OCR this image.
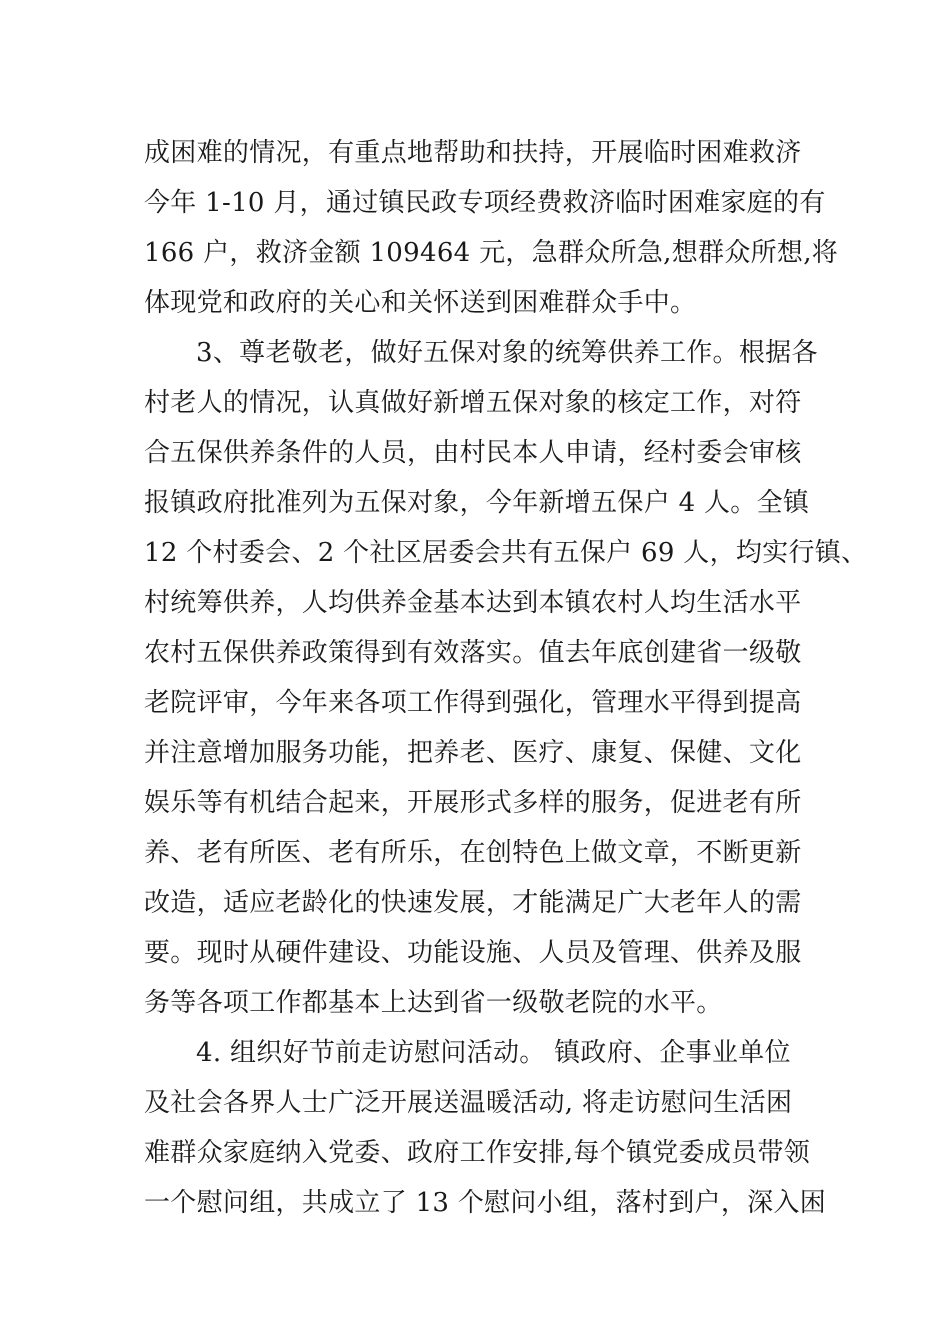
成困难的情况，有重点地帮助和扶持，开展临时困难救济
今年 1-10 月，通过镇民政专项经费救济临时困难家庭的有
166 户，救济金额 109464 元，急群众所急,想群众所想,将
体现党和政府的关心和关怀送到困难群众手中。
3、尊老敬老，做好五保对象的统筹供养工作。根据各
村老人的情况，认真做好新增五保对象的核定工作，对符
合五保供养条件的人员，由村民本人申请，经村委会审核
报镇政府批准列为五保对象，今年新增五保户 4 人。全镇
12 个村委会、2 个社区居委会共有五保户 69 人，均实行镇、
村统筹供养，人均供养金基本达到本镇农村人均生活水平
农村五保供养政策得到有效落实。值去年底创建省一级敬
老院评审，今年来各项工作得到强化，管理水平得到提高
并注意增加服务功能，把养老、医疗、康复、保健、文化
娱乐等有机结合起来，开展形式多样的服务，促进老有所
养、老有所医、老有所乐，在创特色上做文章，不断更新
改造，适应老龄化的快速发展，才能满足广大老年人的需
要。现时从硬件建设、功能设施、人员及管理、供养及服
务等各项工作都基本上达到省一级敬老院的水平。
4. 组织好节前走访慰问活动。 镇政府、企事业单位
及社会各界人士广泛开展送温暖活动, 将走访慰问生活困
难群众家庭纳入党委、政府工作安排,每个镇党委成员带领
一个慰问组，共成立了 13 个慰问小组，落村到户，深入困
